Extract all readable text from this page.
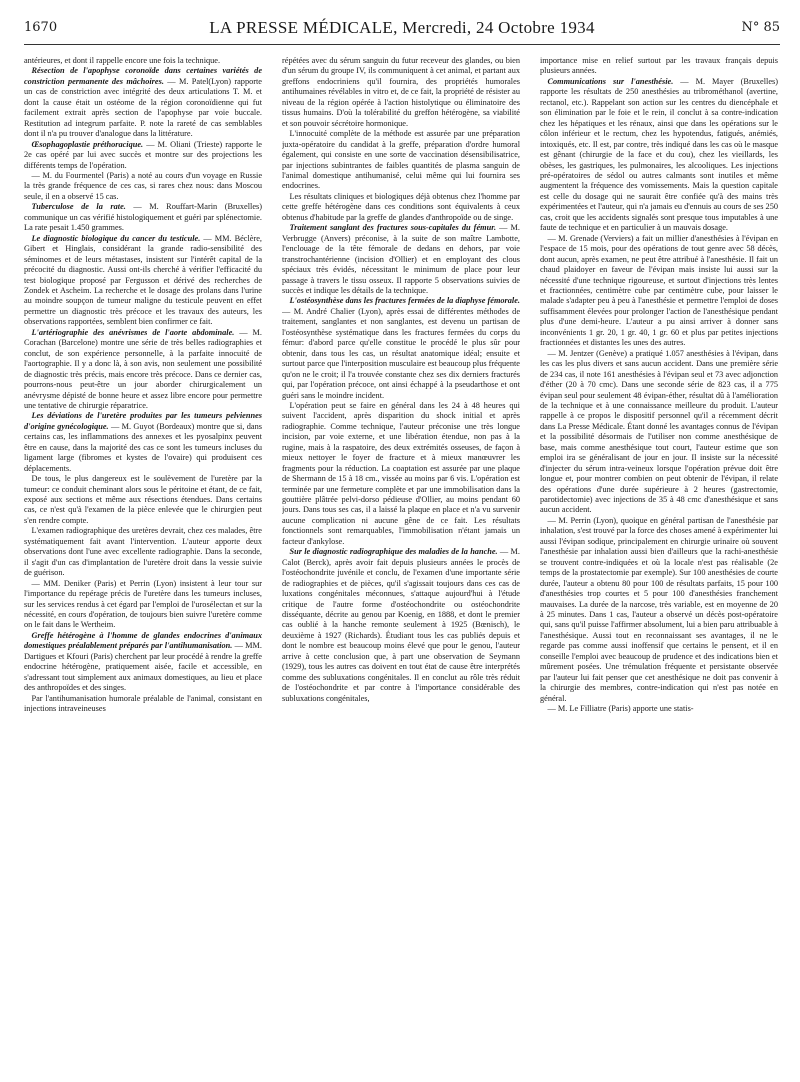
1670	LA PRESSE MÉDICALE, Mercredi, 24 Octobre 1934	N° 85

antérieures, et dont il rappelle encore une fois la technique.

Résection de l'apophyse coronoïde dans certaines variétés de constriction permanente des mâchoires. — M. Patel(Lyon) rapporte un cas de constriction avec intégrité des deux articulations T. M. et dont la cause était un ostéome de la région coronoïdienne qui fut facilement extrait après section de l'apophyse par voie buccale. Restitution ad integrum parfaite. P. note la rareté de cas semblables dont il n'a pu trouver d'analogue dans la littérature.

Œsophagoplastie préthoracique. — M. Oliani (Trieste) rapporte le 2e cas opéré par lui avec succès et montre sur des projections les différents temps de l'opération.

— M. du Fourmentel (Paris) a noté au cours d'un voyage en Russie la très grande fréquence de ces cas, si rares chez nous: dans Moscou seule, il en a observé 15 cas.

Tuberculose de la rate. — M. Rouffart-Marin (Bruxelles) communique un cas vérifié histologiquement et guéri par splénectomie. La rate pesait 1.450 grammes.

Le diagnostic biologique du cancer du testicule. — MM. Béclère, Gibert et Hinglais, considérant la grande radio-sensibilité des séminomes et de leurs métastases, insistent sur l'intérêt capital de la précocité du diagnostic. Aussi ont-ils cherché à vérifier l'efficacité du test biologique proposé par Fergusson et dérivé des recherches de Zondek et Ascheim. La recherche et le dosage des prolans dans l'urine au moindre soupçon de tumeur maligne du testicule peuvent en effet permettre un diagnostic très précoce et les travaux des auteurs, les observations rapportées, semblent bien confirmer ce fait.

L'artériographie des anévrismes de l'aorte abdominale. — M. Corachan (Barcelone) montre une série de très belles radiographies et conclut, de son expérience personnelle, à la parfaite innocuité de l'aortographie. Il y a donc là, à son avis, non seulement une possibilité de diagnostic très précis, mais encore très précoce. Dans ce dernier cas, pourrons-nous peut-être un jour aborder chirurgicalement un anévrysme dépisté de bonne heure et assez libre encore pour permettre une tentative de chirurgie réparatrice.

Les déviations de l'uretère produites par les tumeurs pelviennes d'origine gynécologique. — M. Guyot (Bordeaux) montre que si, dans certains cas, les inflammations des annexes et les pyosalpinx peuvent être en cause, dans la majorité des cas ce sont les tumeurs incluses du ligament large (fibromes et kystes de l'ovaire) qui produisent ces déplacements.

De tous, le plus dangereux est le soulèvement de l'uretère par la tumeur: ce conduit cheminant alors sous le péritoine et étant, de ce fait, exposé aux sections et même aux résections étendues. Dans certains cas, ce n'est qu'à l'examen de la pièce enlevée que le chirurgien peut s'en rendre compte.

L'examen radiographique des uretères devrait, chez ces malades, être systématiquement fait avant l'intervention. L'auteur apporte deux observations dont l'une avec excellente radiographie. Dans la seconde, il s'agit d'un cas d'implantation de l'uretère droit dans la vessie suivie de guérison.

— MM. Deniker (Paris) et Perrin (Lyon) insistent à leur tour sur l'importance du repérage précis de l'uretère dans les tumeurs incluses, sur les services rendus à cet égard par l'emploi de l'urosélectan et sur la nécessité, en cours d'opération, de toujours bien suivre l'uretère comme on le fait dans le Wertheim.

Greffe hétérogène à l'homme de glandes endocrines d'animaux domestiques préalablement préparés par l'antihumanisation. — MM. Dartigues et Kfouri (Paris) cherchent par leur procédé à rendre la greffe endocrine hétérogène, pratiquement aisée, facile et accessible, en s'adressant tout simplement aux animaux domestiques, au lieu et place des anthropoïdes et des singes.

Par l'antihumanisation humorale préalable de l'animal, consistant en injections intraveineuses

répétées avec du sérum sanguin du futur receveur des glandes, ou bien d'un sérum du groupe IV, ils communiquent à cet animal, et partant aux greffons endocriniens qu'il fournira, des propriétés humorales antihumaines révélables in vitro et, de ce fait, la propriété de résister au niveau de la région opérée à l'action histolytique ou éliminatoire des tissus humains. D'où la tolérabilité du greffon hétérogène, sa viabilité et son pouvoir sécrétoire hormonique.

L'innocuité complète de la méthode est assurée par une préparation juxta-opératoire du candidat à la greffe, préparation d'ordre humoral également, qui consiste en une sorte de vaccination désensibilisatrice, par injections subintrantes de faibles quantités de plasma sanguin de l'animal domestique antihumanisé, celui même qui lui fournira ses endocrines.

Les résultats cliniques et biologiques déjà obtenus chez l'homme par cette greffe hétérogène dans ces conditions sont équivalents à ceux obtenus d'habitude par la greffe de glandes d'anthropoïde ou de singe.

Traitement sanglant des fractures sous-capitales du fémur. — M. Verbrugge (Anvers) préconise, à la suite de son maître Lambotte, l'enclouage de la tête fémorale de dedans en dehors, par voie transtrochantérienne (incision d'Ollier) et en employant des clous spéciaux très évidés, nécessitant le minimum de place pour leur passage à travers le tissu osseux. Il rapporte 5 observations suivies de succès et indique les détails de la technique.

L'ostéosynthèse dans les fractures fermées de la diaphyse fémorale. — M. André Chalier (Lyon), après essai de différentes méthodes de traitement, sanglantes et non sanglantes, est devenu un partisan de l'ostéosynthèse systématique dans les fractures fermées du corps du fémur: d'abord parce qu'elle constitue le procédé le plus sûr pour obtenir, dans tous les cas, un résultat anatomique idéal; ensuite et surtout parce que l'interposition musculaire est beaucoup plus fréquente qu'on ne le croit; il l'a trouvée constante chez ses dix derniers fracturés qui, par l'opération précoce, ont ainsi échappé à la pseudarthose et ont guéri sans le moindre incident.

L'opération peut se faire en général dans les 24 à 48 heures qui suivent l'accident, après disparition du shock initial et après radiographie. Comme technique, l'auteur préconise une très longue incision, par voie externe, et une libération étendue, non pas à la rugine, mais à la raspatoire, des deux extrémités osseuses, de façon à mieux nettoyer le foyer de fracture et à mieux manœuvrer les fragments pour la réduction. La coaptation est assurée par une plaque de Shermann de 15 à 18 cm., vissée au moins par 6 vis. L'opération est terminée par une fermeture complète et par une immobilisation dans la gouttière plâtrée pelvi-dorso pédieuse d'Ollier, au moins pendant 60 jours. Dans tous ses cas, il a laissé la plaque en place et n'a vu survenir aucune complication ni aucune gêne de ce fait. Les résultats fonctionnels sont remarquables, l'immobilisation n'étant jamais un facteur d'ankylose.

Sur le diagnostic radiographique des maladies de la hanche. — M. Calot (Berck), après avoir fait depuis plusieurs années le procès de l'ostéochondrite juvénile et conclu, de l'examen d'une importante série de radiographies et de pièces, qu'il s'agissait toujours dans ces cas de luxations congénitales méconnues, s'attaque aujourd'hui à l'étude critique de l'autre forme d'ostéochondrite ou ostéochondrite disséquante, décrite au genou par Koenig, en 1888, et dont le premier cas oublié à la hanche remonte seulement à 1925 (Bœnisch), le deuxième à 1927 (Richards). Étudiant tous les cas publiés depuis et dont le nombre est beaucoup moins élevé que pour le genou, l'auteur arrive à cette conclusion que, à part une observation de Seymann (1929), tous les autres cas doivent en tout état de cause être interprétés comme des subluxations congénitales. Il en conclut au rôle très réduit de l'ostéochondrite et par contre à l'importance considérable des subluxations congénitales,

importance mise en relief surtout par les travaux français depuis plusieurs années.

Communications sur l'anesthésie. — M. Mayer (Bruxelles) rapporte les résultats de 250 anesthésies au tribrométhanol (avertine, rectanol, etc.). Rappelant son action sur les centres du diencéphale et son élimination par le foie et le rein, il conclut à sa contre-indication chez les hépatiques et les rénaux, ainsi que dans les opérations sur le côlon inférieur et le rectum, chez les hypotendus, fatigués, anémiés, intoxiqués, etc. Il est, par contre, très indiqué dans les cas où le masque est gênant (chirurgie de la face et du cou), chez les vieillards, les obèses, les gastriques, les pulmonaires, les alcooliques. Les injections pré-opératoires de sédol ou autres calmants sont inutiles et même augmentent la fréquence des vomissements. Mais la question capitale est celle du dosage qui ne saurait être confiée qu'à des mains très expérimentées et l'auteur, qui n'a jamais eu d'ennuis au cours de ses 250 cas, croit que les accidents signalés sont presque tous imputables à une faute de technique et en particulier à un mauvais dosage.

— M. Grenade (Verviers) a fait un millier d'anesthésies à l'évipan en l'espace de 15 mois, pour des opérations de tout genre avec 58 décès, dont aucun, après examen, ne peut être attribué à l'anesthésie. Il fait un chaud plaidoyer en faveur de l'évipan mais insiste lui aussi sur la nécessité d'une technique rigoureuse, et surtout d'injections très lentes et fractionnées, centimètre cube par centimètre cube, pour laisser le malade s'adapter peu à peu à l'anesthésie et permettre l'emploi de doses suffisamment élevées pour prolonger l'action de l'anesthésique pendant plus d'une demi-heure. L'auteur a pu ainsi arriver à donner sans inconvénients 1 gr. 20, 1 gr. 40, 1 gr. 60 et plus par petites injections fractionnées et distantes les unes des autres.

— M. Jentzer (Genève) a pratiqué 1.057 anesthésies à l'évipan, dans les cas les plus divers et sans aucun accident. Dans une première série de 234 cas, il note 161 anesthésies à l'évipan seul et 73 avec adjonction d'éther (20 à 70 cmc). Dans une seconde série de 823 cas, il a 775 évipan seul pour seulement 48 évipan-éther, résultat dû à l'amélioration de la technique et à une connaissance meilleure du produit. L'auteur rappelle à ce propos le dispositif personnel qu'il a récemment décrit dans La Presse Médicale. Étant donné les avantages connus de l'évipan et la possibilité désormais de l'utiliser non comme anesthésique de base, mais comme anesthésique tout court, l'auteur estime que son emploi ira se généralisant de jour en jour. Il insiste sur la nécessité d'injecter du sérum intra-veineux lorsque l'opération prévue doit être longue et, pour montrer combien on peut obtenir de l'évipan, il relate des opérations d'une durée supérieure à 2 heures (gastrectomie, parotidectomie) avec injections de 35 à 48 cmc d'anesthésique et sans aucun accident.

— M. Perrin (Lyon), quoique en général partisan de l'anesthésie par inhalation, s'est trouvé par la force des choses amené à expérimenter lui aussi l'évipan sodique, principalement en chirurgie urinaire où souvent l'anesthésie par inhalation aussi bien d'ailleurs que la rachi-anesthésie se trouvent contre-indiquées et où la locale n'est pas réalisable (2e temps de la prostatectomie par exemple). Sur 100 anesthésies de courte durée, l'auteur a obtenu 80 pour 100 de résultats parfaits, 15 pour 100 d'anesthésies trop courtes et 5 pour 100 d'anesthésies franchement mauvaises. La durée de la narcose, très variable, est en moyenne de 20 à 25 minutes. Dans 1 cas, l'auteur a observé un décès post-opératoire qui, sans qu'il puisse l'affirmer absolument, lui a bien paru attribuable à l'anesthésique. Aussi tout en reconnaissant ses avantages, il ne le regarde pas comme aussi inoffensif que certains le pensent, et il en conseille l'emploi avec beaucoup de prudence et des indications bien et mûrement posées. Une trémulation fréquente et persistante observée par l'auteur lui fait penser que cet anesthésique ne doit pas convenir à la chirurgie des membres, contre-indication qui n'est pas notée en général.

— M. Le Filliatre (Paris) apporte une statis-
